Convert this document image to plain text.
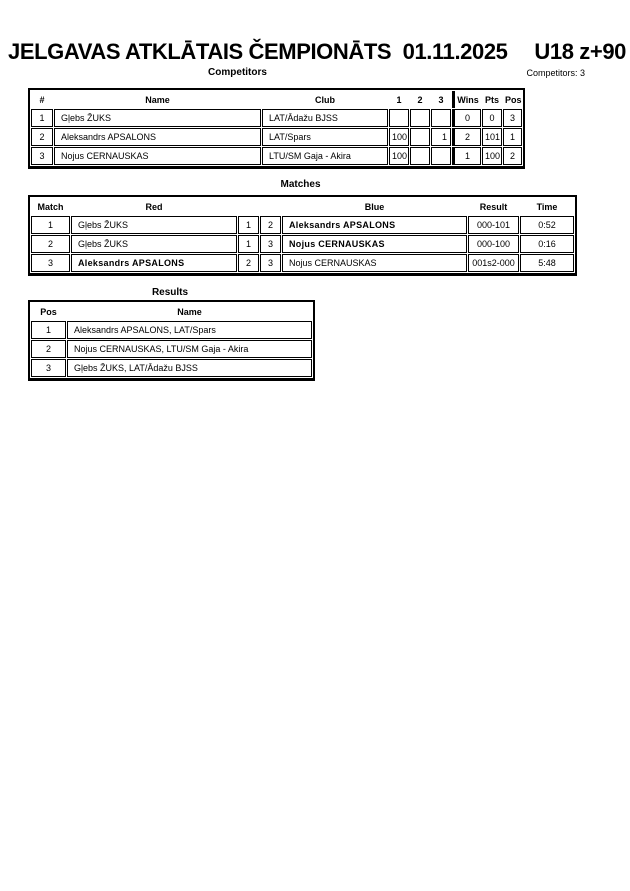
JELGAVAS ATKLĀTAIS ČEMPIONĀTS  01.11.2025 U18 z+90
Competitors	Competitors: 3
#	Name	Club	1	2	3	Wins	Pts	Pos
1	Gļebs ŽUKS	LAT/Ādažu BJSS				0	0	3
2	Aleksandrs APSALONS	LAT/Spars	100		1	2	101	1
3	Nojus CERNAUSKAS	LTU/SM Gaja - Akira	100			1	100	2
Matches
Match	Red			Blue	Result	Time
1	Gļebs ŽUKS	1	2	Aleksandrs APSALONS	000-101	0:52
2	Gļebs ŽUKS	1	3	Nojus CERNAUSKAS	000-100	0:16
3	Aleksandrs APSALONS	2	3	Nojus CERNAUSKAS	001s2-000	5:48
Results
Pos	Name
1	Aleksandrs APSALONS, LAT/Spars
2	Nojus CERNAUSKAS, LTU/SM Gaja - Akira
3	Gļebs ŽUKS, LAT/Ādažu BJSS
